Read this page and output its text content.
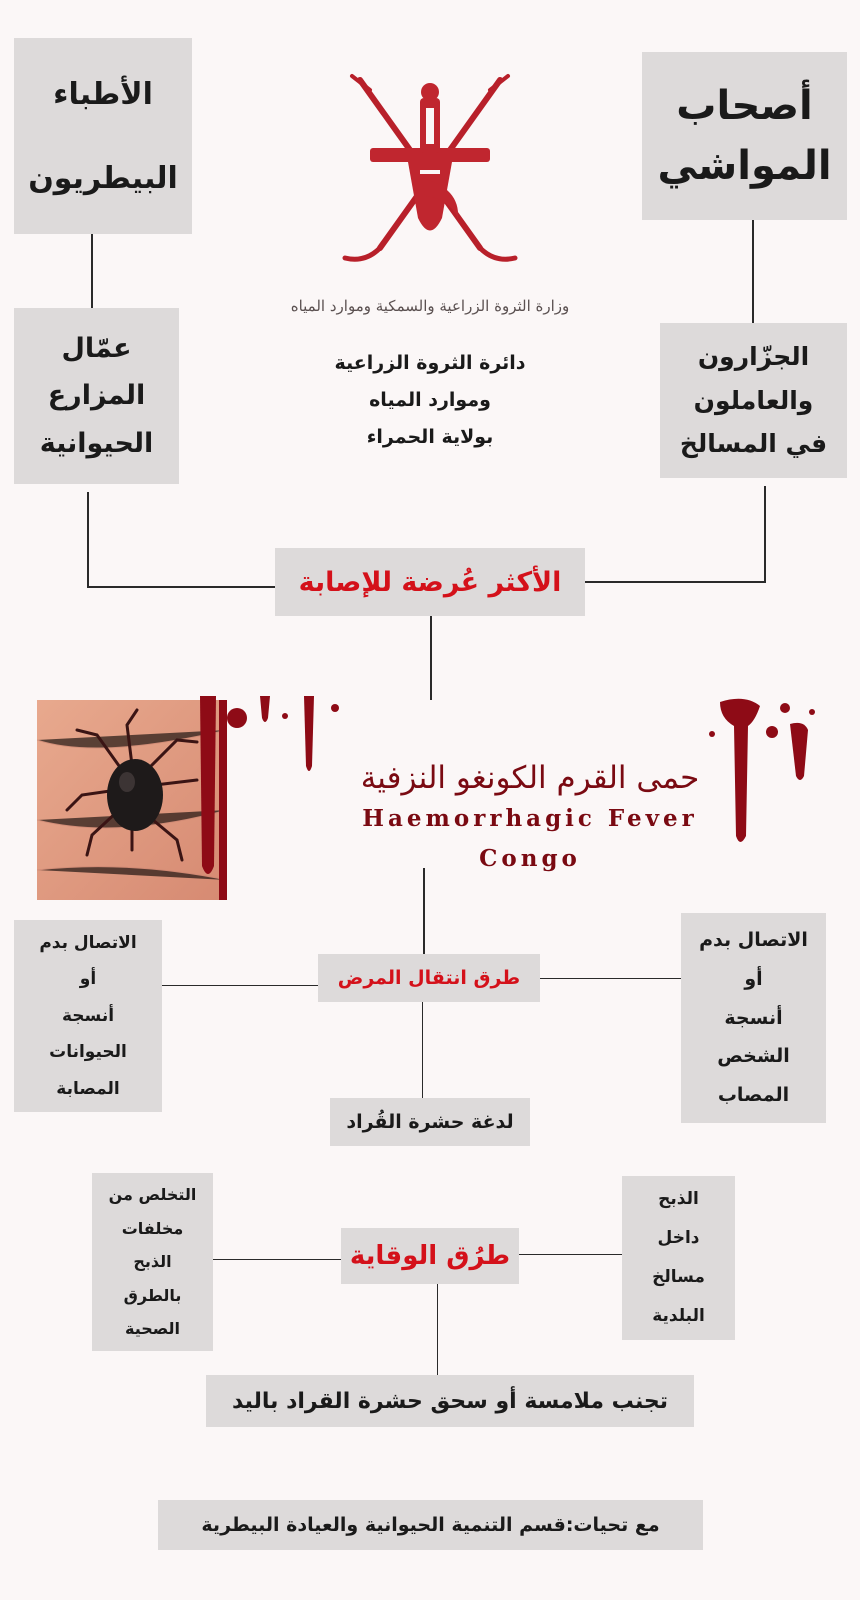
الأطباء
البيطريون
أصحاب
المواشي
عمّال
المزارع
الحيوانية
الجزّارون
والعاملون
في المسالخ
وزارة الثروة الزراعية والسمكية وموارد المياه
دائرة الثروة الزراعية
وموارد المياه
بولاية الحمراء
الأكثر عُرضة للإصابة
حمى القرم الكونغو النزفية
Haemorrhagic Fever
Congo
طرق انتقال المرض
الاتصال بدم
أو
أنسجة
الحيوانات
المصابة
الاتصال بدم
أو
أنسجة
الشخص
المصاب
لدغة حشرة القُراد
طرُق الوقاية
التخلص من
مخلفات
الذبح
بالطرق
الصحية
الذبح
داخل
مسالخ
البلدية
تجنب ملامسة أو سحق حشرة القراد باليد
مع تحيات:قسم التنمية الحيوانية والعيادة البيطرية
